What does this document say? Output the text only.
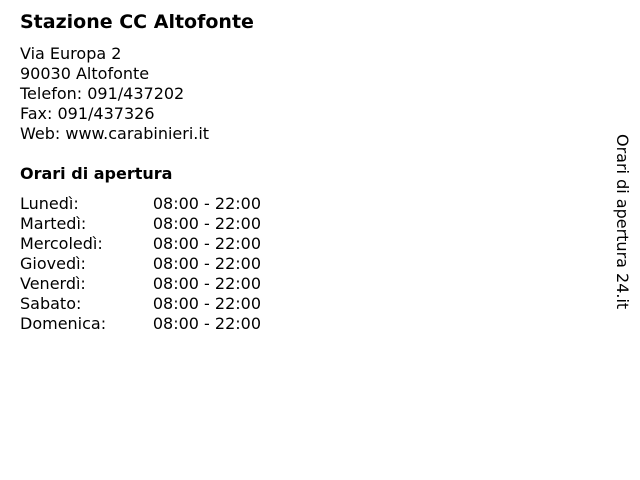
Stazione CC Altofonte
Via Europa 2
90030 Altofonte
Telefon: 091/437202
Fax: 091/437326
Web: www.carabinieri.it
Orari di apertura
Lunedì:	08:00 - 22:00
Martedì:	08:00 - 22:00
Mercoledì:	08:00 - 22:00
Giovedì:	08:00 - 22:00
Venerdì:	08:00 - 22:00
Sabato:	08:00 - 22:00
Domenica:	08:00 - 22:00
Orari di apertura 24.it
